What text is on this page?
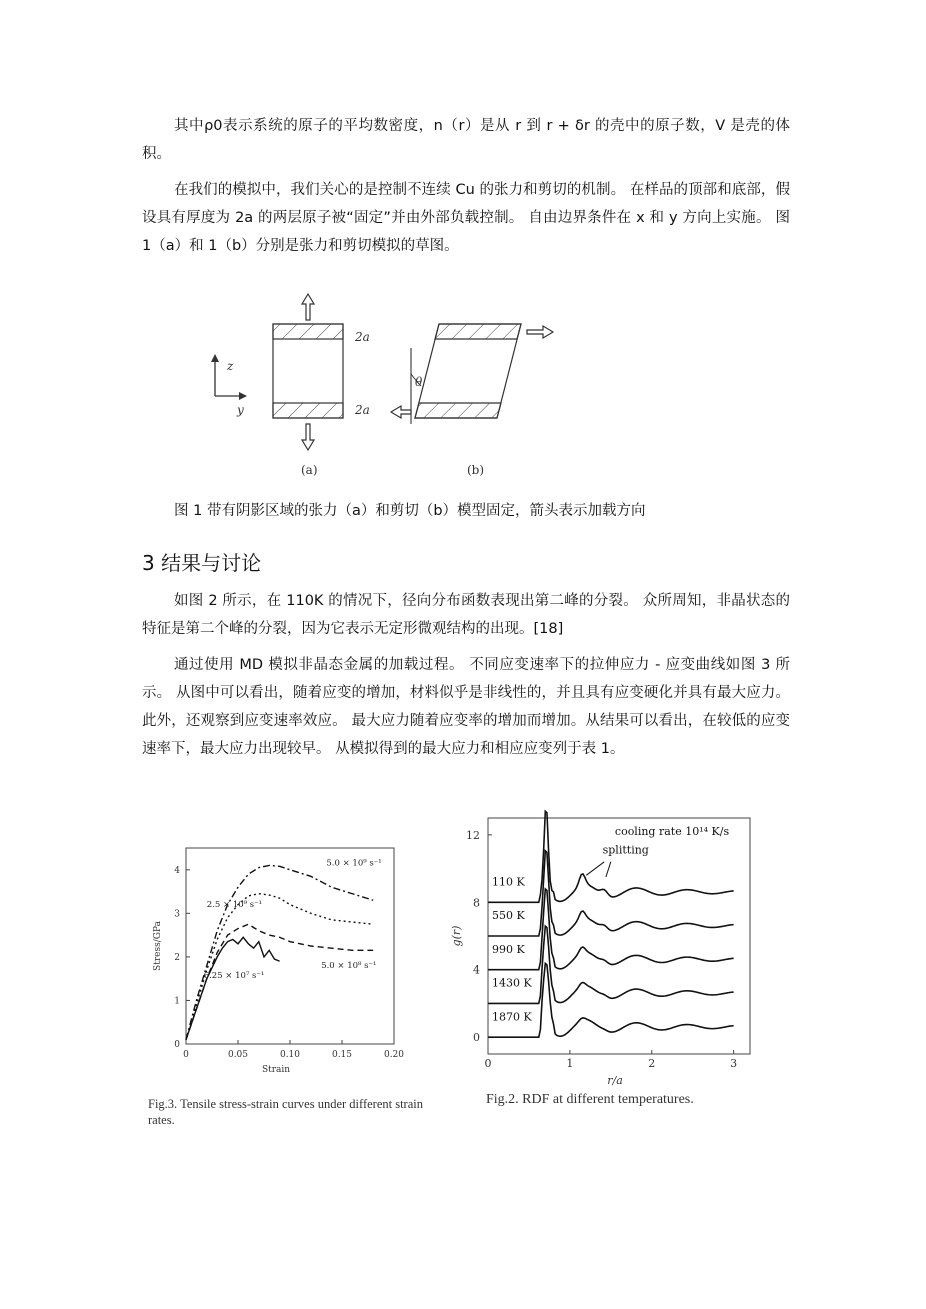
其中ρ0表示系统的原子的平均数密度，n（r）是从 r 到 r + δr 的壳中的原子数，V 是壳的体积。

在我们的模拟中，我们关心的是控制不连续 Cu 的张力和剪切的机制。 在样品的顶部和底部，假设具有厚度为 2a 的两层原子被“固定”并由外部负载控制。 自由边界条件在 x 和 y 方向上实施。 图 1（a）和 1（b）分别是张力和剪切模拟的草图。

2a
2a
(a)
z
y
θ
(b)

图 1 带有阴影区域的张力（a）和剪切（b）模型固定，箭头表示加载方向

3 结果与讨论

如图 2 所示，在 110K 的情况下，径向分布函数表现出第二峰的分裂。 众所周知，非晶状态的特征是第二个峰的分裂，因为它表示无定形微观结构的出现。[18]

通过使用 MD 模拟非晶态金属的加载过程。 不同应变速率下的拉伸应力 - 应变曲线如图 3 所示。 从图中可以看出，随着应变的增加，材料似乎是非线性的，并且具有应变硬化并具有最大应力。 此外，还观察到应变速率效应。 最大应力随着应变率的增加而增加。从结果可以看出，在较低的应变速率下，最大应力出现较早。 从模拟得到的最大应力和相应应变列于表 1。

0	0.05	0.10	0.15	0.20
0
1
2
3
4
Strain
Stress/GPa
5.0 × 10⁹ s⁻¹
2.5 × 10⁹ s⁻¹
5.0 × 10⁸ s⁻¹
6.25 × 10⁷ s⁻¹

Fig.3. Tensile stress-strain curves under different strain rates.

0	1	2	3
0
4
8
12
r/a
g(r)
110 K
550 K
990 K
1430 K
1870 K
cooling rate 10¹⁴ K/s
splitting

Fig.2. RDF at different temperatures.
